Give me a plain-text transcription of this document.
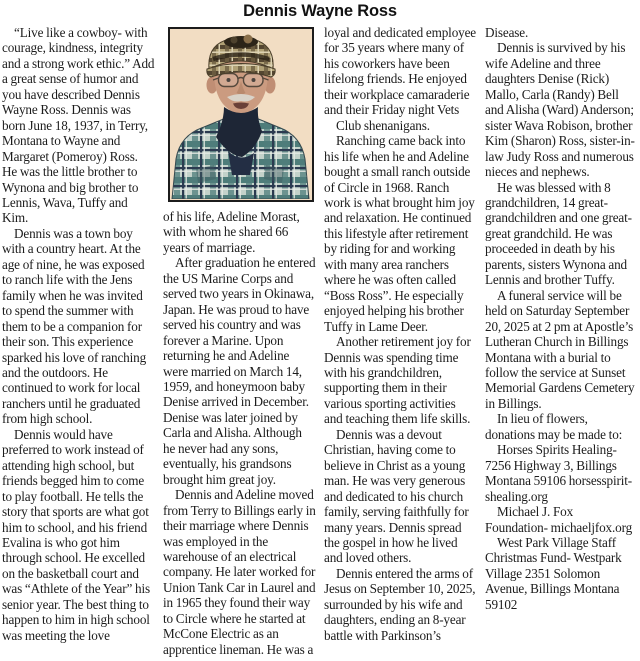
Dennis Wayne Ross

“Live like a cowboy- with courage, kindness, integrity and a strong work ethic.” Add a great sense of humor and you have described Dennis Wayne Ross. Dennis was born June 18, 1937, in Terry, Montana to Wayne and Margaret (Pomeroy) Ross. He was the little brother to Wynona and big brother to Lennis, Wava, Tuffy and Kim.

Dennis was a town boy with a country heart. At the age of nine, he was exposed to ranch life with the Jens family when he was invited to spend the summer with them to be a companion for their son. This experience sparked his love of ranching and the outdoors. He continued to work for local ranchers until he graduated from high school.

Dennis would have preferred to work instead of attending high school, but friends begged him to come to play football. He tells the story that sports are what got him to school, and his friend Evalina is who got him through school. He excelled on the basketball court and was “Athlete of the Year” his senior year. The best thing to happen to him in high school was meeting the love

of his life, Adeline Morast, with whom he shared 66 years of marriage.

After graduation he entered the US Marine Corps and served two years in Okinawa, Japan. He was proud to have served his country and was forever a Marine. Upon returning he and Adeline were married on March 14, 1959, and honeymoon baby Denise arrived in December. Denise was later joined by Carla and Alisha. Although he never had any sons, eventually, his grandsons brought him great joy.

Dennis and Adeline moved from Terry to Billings early in their marriage where Dennis was employed in the warehouse of an electrical company. He later worked for Union Tank Car in Laurel and in 1965 they found their way to Circle where he started at McCone Electric as an apprentice lineman. He was a

loyal and dedicated employee for 35 years where many of his coworkers have been lifelong friends. He enjoyed their workplace camaraderie and their Friday night Vets

Club shenanigans.

Ranching came back into his life when he and Adeline bought a small ranch outside of Circle in 1968. Ranch work is what brought him joy and relaxation. He continued this lifestyle after retirement by riding for and working with many area ranchers where he was often called “Boss Ross”. He especially enjoyed helping his brother Tuffy in Lame Deer.

Another retirement joy for Dennis was spending time with his grandchildren, supporting them in their various sporting activities and teaching them life skills.

Dennis was a devout Christian, having come to believe in Christ as a young man. He was very generous and dedicated to his church family, serving faithfully for many years. Dennis spread the gospel in how he lived and loved others.

Dennis entered the arms of Jesus on September 10, 2025, surrounded by his wife and daughters, ending an 8-year battle with Parkinson’s

Disease.

Dennis is survived by his wife Adeline and three daughters Denise (Rick) Mallo, Carla (Randy) Bell and Alisha (Ward) Anderson; sister Wava Robison, brother Kim (Sharon) Ross, sister-in-law Judy Ross and numerous nieces and nephews.

He was blessed with 8 grandchildren, 14 great-grandchildren and one great-great grandchild. He was proceeded in death by his parents, sisters Wynona and Lennis and brother Tuffy.

A funeral service will be held on Saturday September 20, 2025 at 2 pm at Apostle’s Lutheran Church in Billings Montana with a burial to follow the service at Sunset Memorial Gardens Cemetery in Billings.

In lieu of flowers, donations may be made to:

Horses Spirits Healing- 7256 Highway 3, Billings Montana 59106 horsesspiritshealing.org

Michael J. Fox Foundation- michaeljfox.org

West Park Village Staff Christmas Fund- Westpark Village 2351 Solomon Avenue, Billings Montana 59102
